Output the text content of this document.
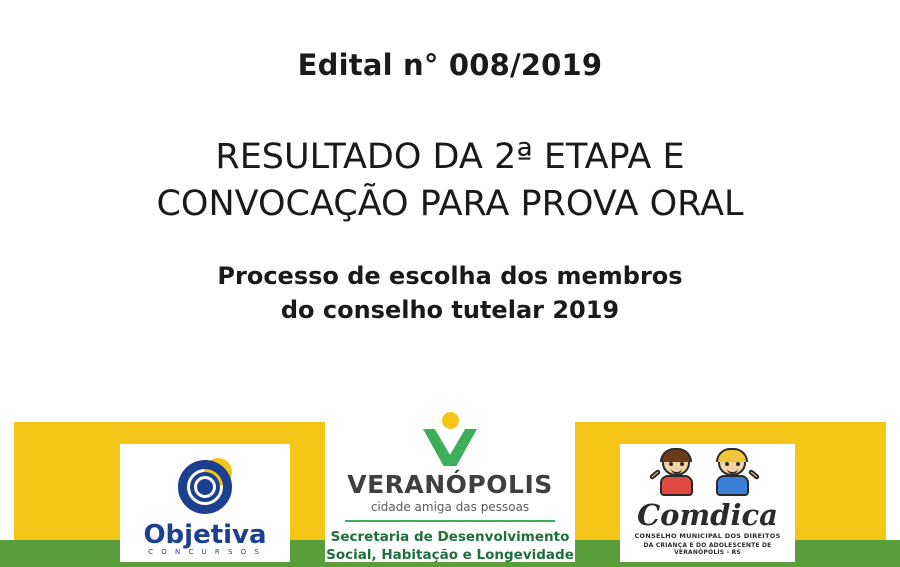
Edital n° 008/2019
RESULTADO DA 2ª ETAPA E
CONVOCAÇÃO PARA PROVA ORAL
Processo de escolha dos membros
do conselho tutelar 2019
Objetiva
C O N C U R S O S
VERANÓPOLIS
cidade amiga das pessoas
Secretaria de Desenvolvimento
Social, Habitação e Longevidade
Comdica
CONSELHO MUNICIPAL DOS DIREITOS
DA CRIANÇA E DO ADOLESCENTE DE VERANÓPOLIS - RS
